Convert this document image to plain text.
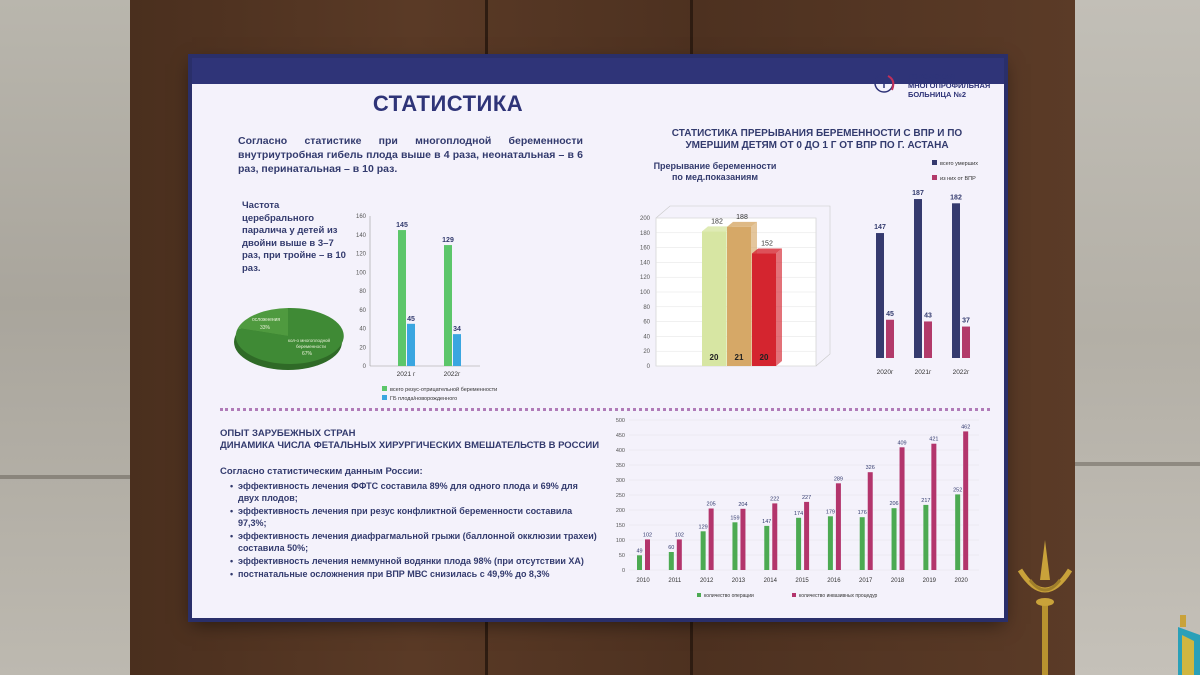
ГОРОДСКАЯ
МНОГОПРОФИЛЬНАЯ
БОЛЬНИЦА №2
СТАТИСТИКА
Согласно статистике при многоплодной беременности внутриутробная гибель плода выше в 4 раза, неонатальная – в 6 раз, перинатальная – в 10 раз.
Частота церебрального паралича у детей из двойни выше в 3–7 раз, при тройне – в 10 раз.
осложнения
33%
кол-о многоплодной
беременности
67%
0
20
40
60
80
100
120
140
160
145
45
2021 г
129
34
2022г
всего резус-отрицательной беременности
ГБ плода/новорожденного
СТАТИСТИКА ПРЕРЫВАНИЯ БЕРЕМЕННОСТИ С ВПР И ПО УМЕРШИМ ДЕТЯМ ОТ 0 ДО 1 Г ОТ ВПР ПО Г. АСТАНА
Прерывание беременности по мед.показаниям
0
20
40
60
80
100
120
140
160
180
200	182
20
188
21
152
20
147
45
2020г
187
43
2021г
182
37
2022г
всего умерших
из них от ВПР
ОПЫТ ЗАРУБЕЖНЫХ СТРАН
ДИНАМИКА ЧИСЛА ФЕТАЛЬНЫХ ХИРУРГИЧЕСКИХ ВМЕШАТЕЛЬСТВ В РОССИИ
Согласно статистическим данным России:
• эффективность лечения ФФТС составила 89% для одного плода и 69% для двух плодов;
• эффективность лечения при резус конфликтной беременности составила 97,3%;
• эффективность лечения диафрагмальной грыжи (баллонной окклюзии трахеи) составила 50%;
• эффективность лечения неммунной водянки плода 98% (при отсутствии ХА)
• постнатальные осложнения при ВПР МВС снизилась с 49,9% до 8,3%	0
50
100
150
200
250
300
350
400
450
500
49
102
2010
60
102
2011
129
205
2012
159
204
2013
147
222
2014
174
227
2015
179
289
2016
176
326
2017
206
409
2018
217
421
2019
252
462
2020
количество операции	количество инвазивных процедур
